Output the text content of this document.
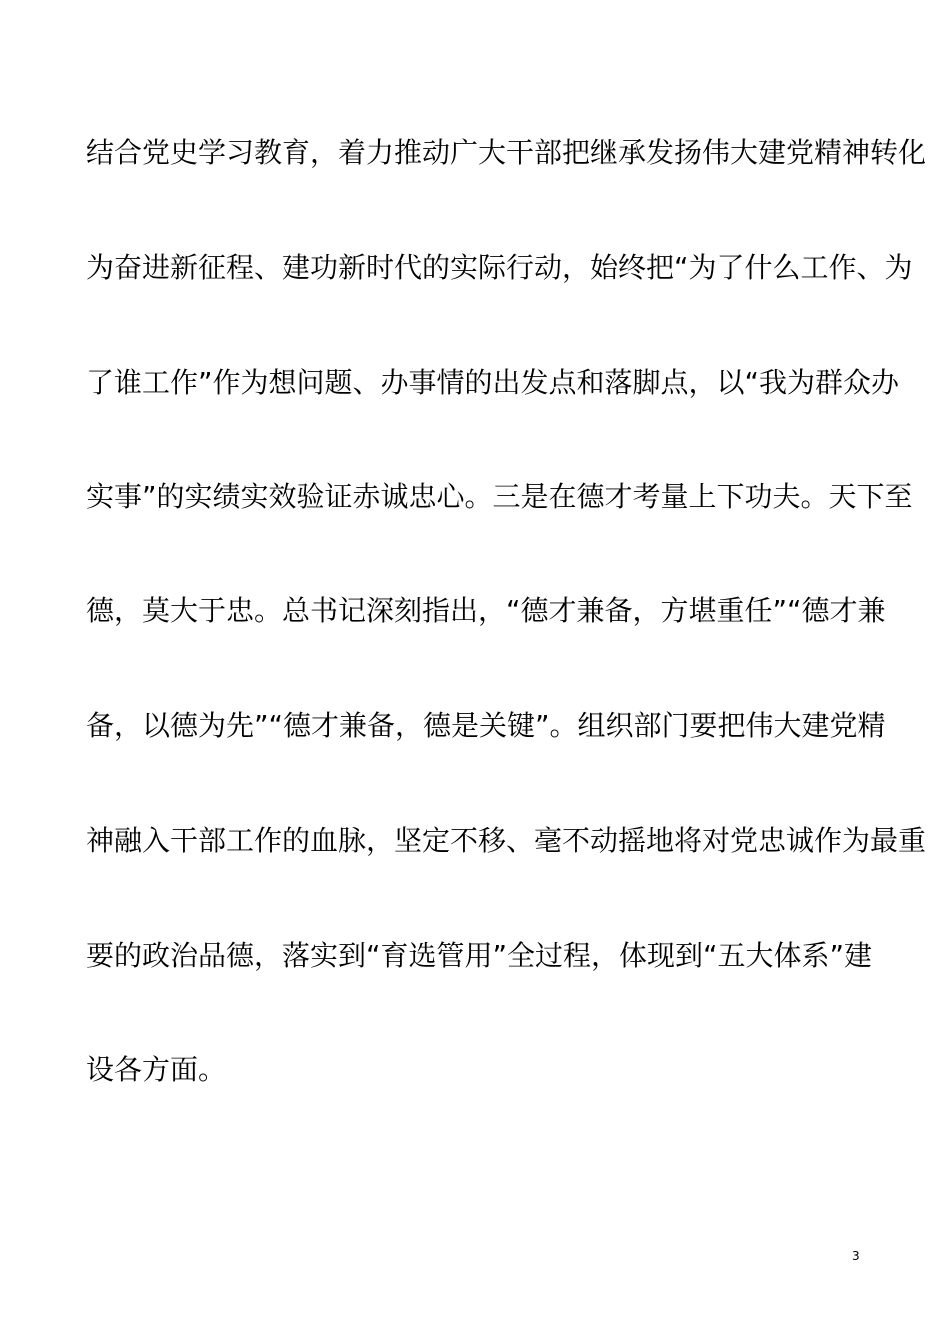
结合党史学习教育，着力推动广大干部把继承发扬伟大建党精神转化
为奋进新征程、建功新时代的实际行动，始终把“为了什么工作、为
了谁工作”作为想问题、办事情的出发点和落脚点，以“我为群众办
实事”的实绩实效验证赤诚忠心。三是在德才考量上下功夫。天下至
德，莫大于忠。总书记深刻指出，“德才兼备，方堪重任”“德才兼
备，以德为先”“德才兼备，德是关键”。组织部门要把伟大建党精
神融入干部工作的血脉，坚定不移、毫不动摇地将对党忠诚作为最重
要的政治品德，落实到“育选管用”全过程，体现到“五大体系”建
设各方面。
3
